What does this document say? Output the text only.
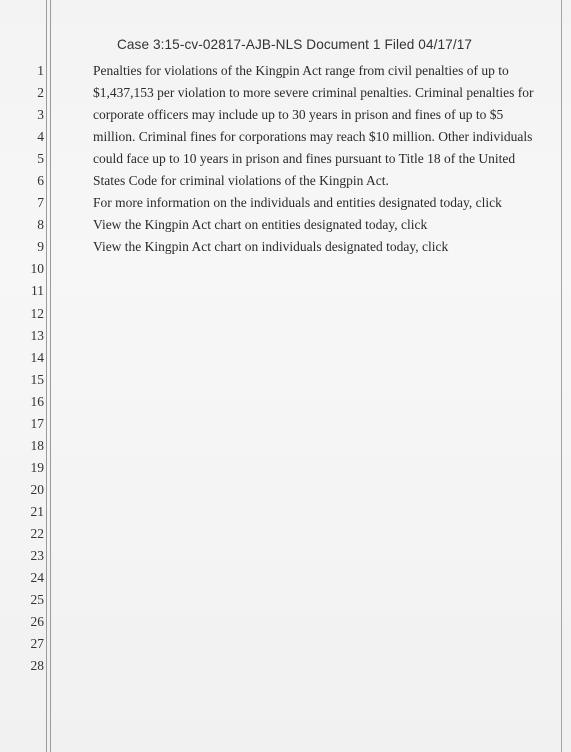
Case 3:15-cv-02817-AJB-NLS Document 1 Filed 04/17/17
1
2
3
4
5
6
7
8
9
10
11
12
13
14
15
16
17
18
19
20
21
22
23
24
25
26
27
28

Penalties for violations of the Kingpin Act range from civil penalties of up to

$1,437,153 per violation to more severe criminal penalties. Criminal penalties for

corporate officers may include up to 30 years in prison and fines of up to $5

million. Criminal fines for corporations may reach $10 million. Other individuals

could face up to 10 years in prison and fines pursuant to Title 18 of the United

States Code for criminal violations of the Kingpin Act.

For more information on the individuals and entities designated today, click

View the Kingpin Act chart on entities designated today, click

View the Kingpin Act chart on individuals designated today, click
